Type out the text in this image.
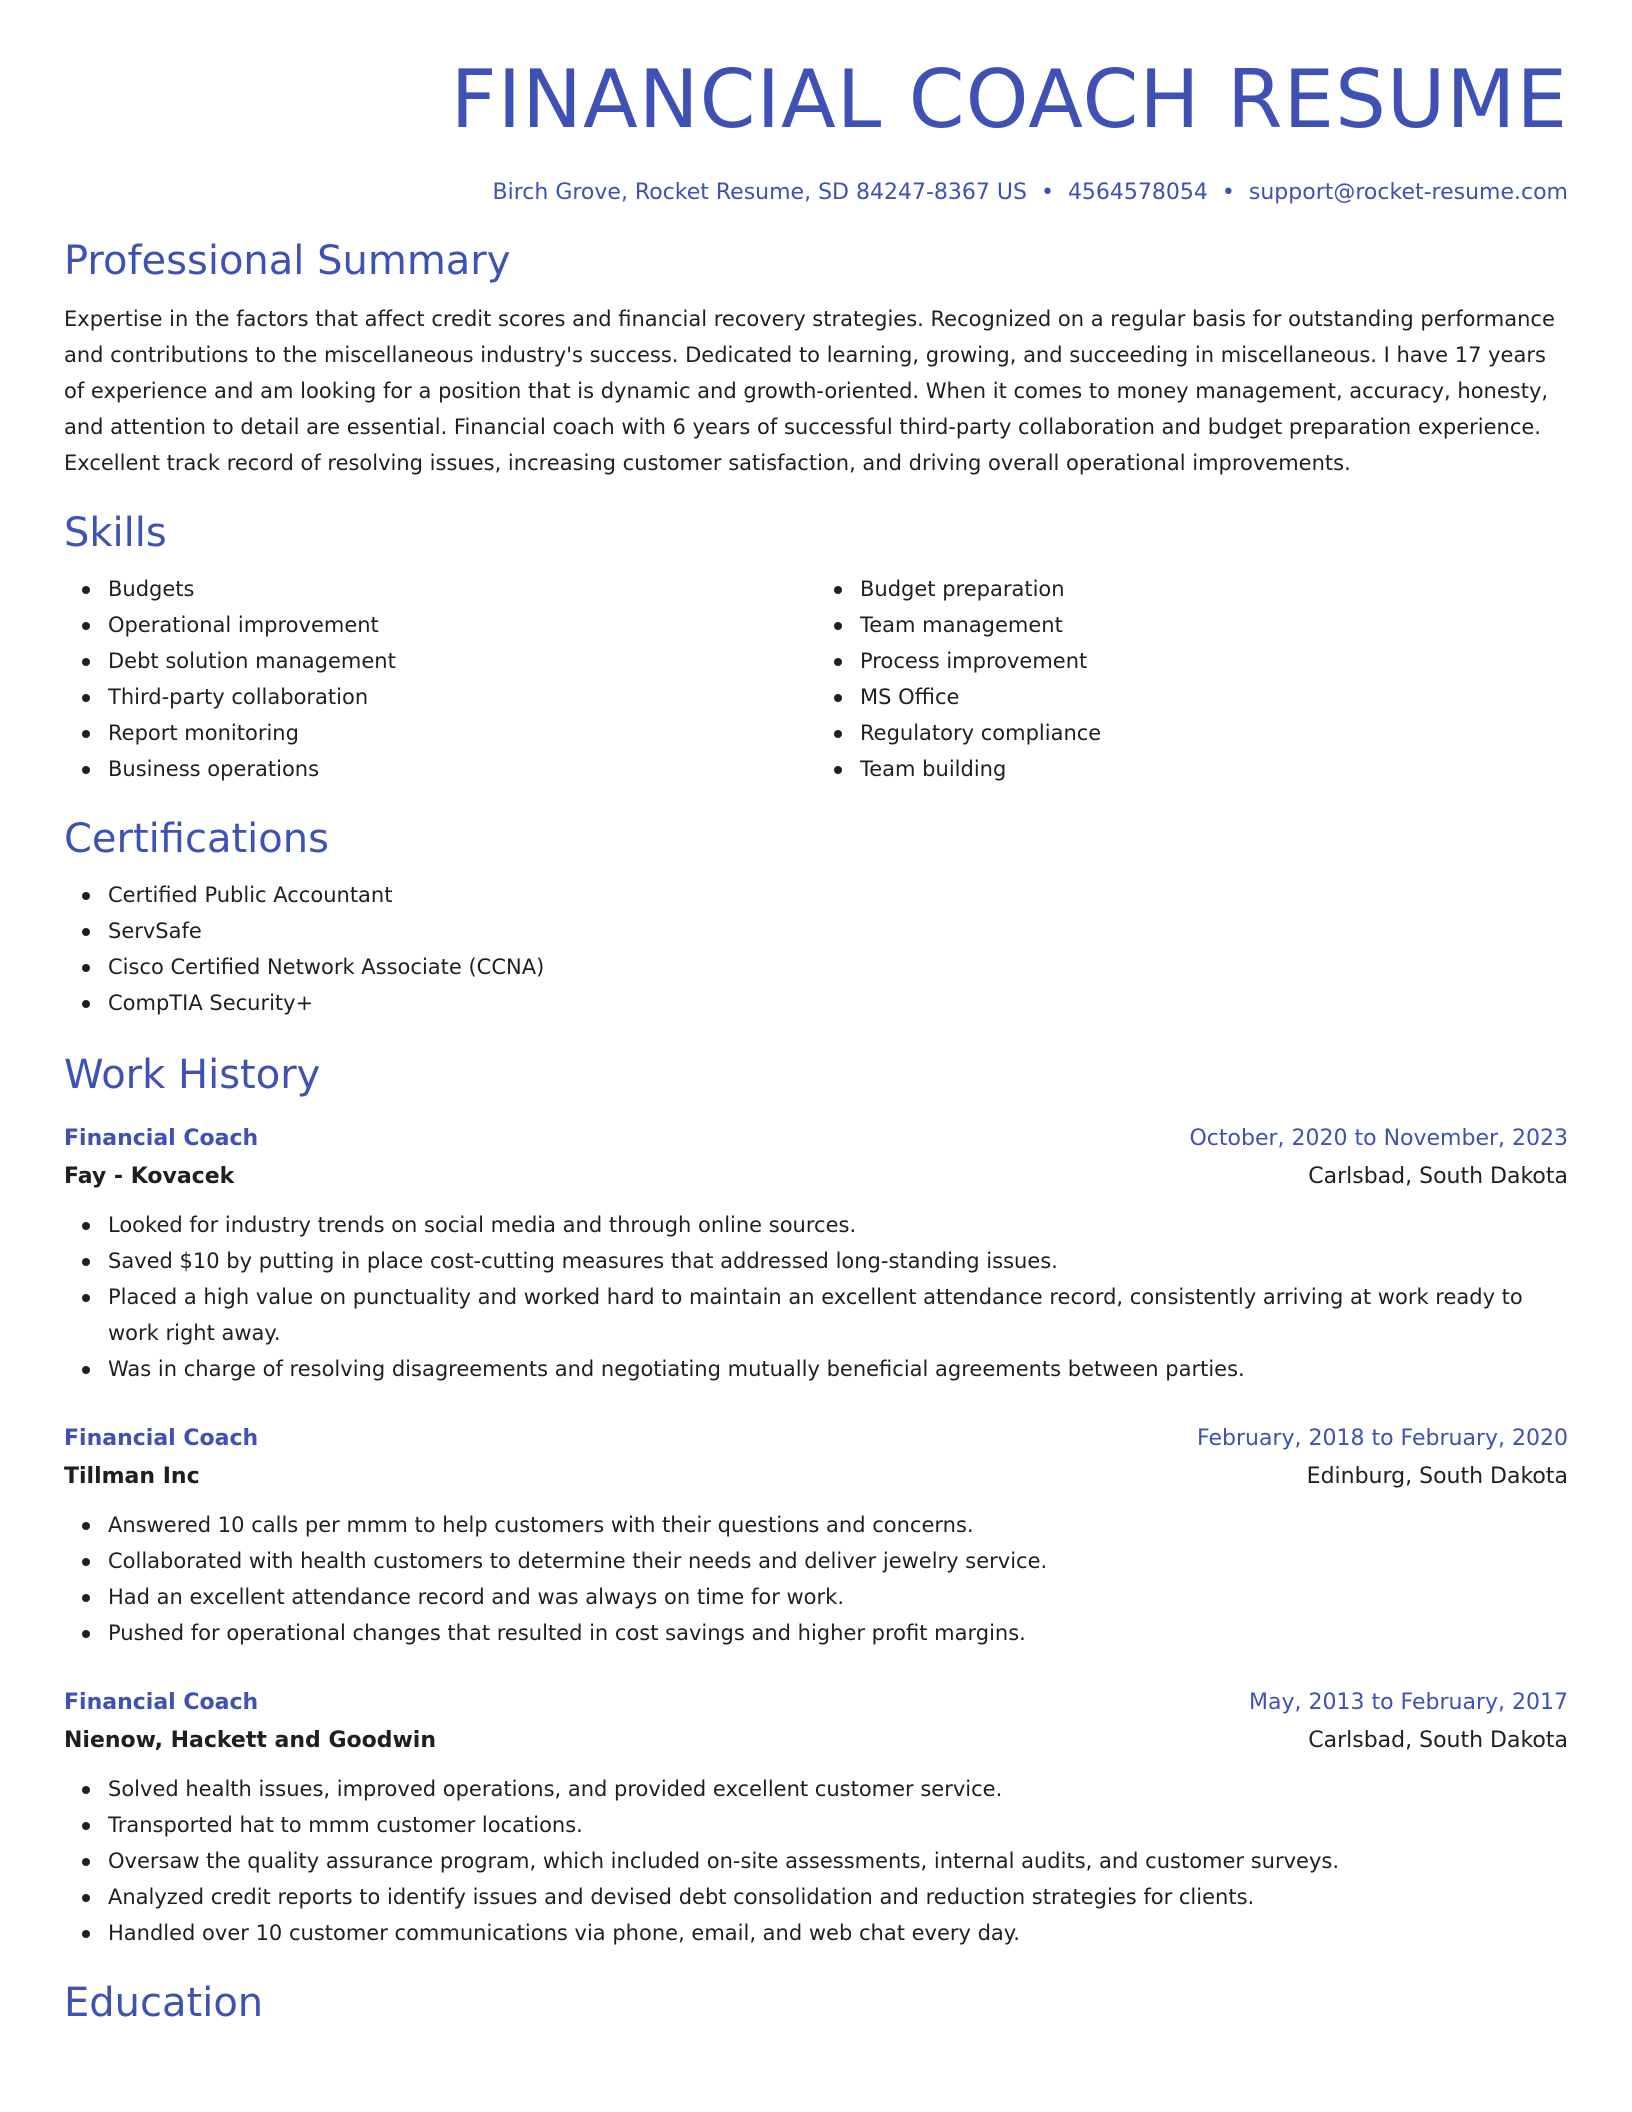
FINANCIAL COACH RESUME
Birch Grove, Rocket Resume, SD 84247-8367 US • 4564578054 • support@rocket-resume.com
Professional Summary

Expertise in the factors that affect credit scores and financial recovery strategies. Recognized on a regular basis for outstanding performance and contributions to the miscellaneous industry's success. Dedicated to learning, growing, and succeeding in miscellaneous. I have 17 years of experience and am looking for a position that is dynamic and growth-oriented. When it comes to money management, accuracy, honesty, and attention to detail are essential. Financial coach with 6 years of successful third-party collaboration and budget preparation experience. Excellent track record of resolving issues, increasing customer satisfaction, and driving overall operational improvements.

Skills
Budgets
Operational improvement
Debt solution management
Third-party collaboration
Report monitoring
Business operations
Budget preparation
Team management
Process improvement
MS Office
Regulatory compliance
Team building
Certifications
Certified Public Accountant
ServSafe
Cisco Certified Network Associate (CCNA)
CompTIA Security+
Work History
Financial Coach	October, 2020 to November, 2023
Fay - Kovacek	Carlsbad, South Dakota
Looked for industry trends on social media and through online sources.
Saved $10 by putting in place cost-cutting measures that addressed long-standing issues.
Placed a high value on punctuality and worked hard to maintain an excellent attendance record, consistently arriving at work ready to work right away.
Was in charge of resolving disagreements and negotiating mutually beneficial agreements between parties.
Financial Coach	February, 2018 to February, 2020
Tillman Inc	Edinburg, South Dakota
Answered 10 calls per mmm to help customers with their questions and concerns.
Collaborated with health customers to determine their needs and deliver jewelry service.
Had an excellent attendance record and was always on time for work.
Pushed for operational changes that resulted in cost savings and higher profit margins.
Financial Coach	May, 2013 to February, 2017
Nienow, Hackett and Goodwin	Carlsbad, South Dakota
Solved health issues, improved operations, and provided excellent customer service.
Transported hat to mmm customer locations.
Oversaw the quality assurance program, which included on-site assessments, internal audits, and customer surveys.
Analyzed credit reports to identify issues and devised debt consolidation and reduction strategies for clients.
Handled over 10 customer communications via phone, email, and web chat every day.
Education
